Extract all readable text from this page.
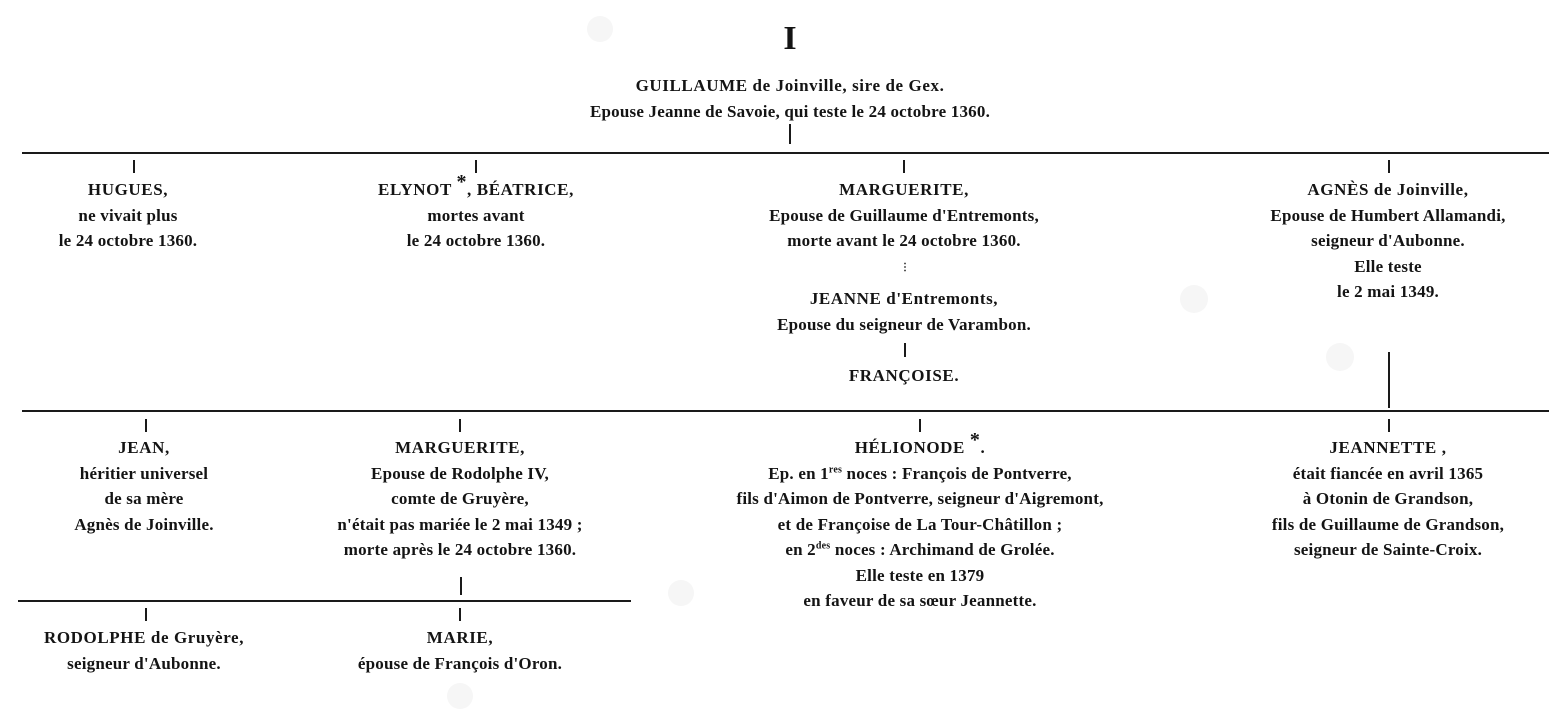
I
GUILLAUME de Joinville, sire de Gex.
Epouse Jeanne de Savoie, qui teste le 24 octobre 1360.
HUGUES,
ne vivait plus
le 24 octobre 1360.
ELYNOT *, BÉATRICE,
mortes avant
le 24 octobre 1360.
MARGUERITE,
Epouse de Guillaume d'Entremonts,
morte avant le 24 octobre 1360.
⋮
JEANNE d'Entremonts,
Epouse du seigneur de Varambon.
FRANÇOISE.
AGNÈS de Joinville,
Epouse de Humbert Allamandi,
seigneur d'Aubonne.
Elle teste
le 2 mai 1349.
JEAN,
héritier universel
de sa mère
Agnès de Joinville.
MARGUERITE,
Epouse de Rodolphe IV,
comte de Gruyère,
n'était pas mariée le 2 mai 1349 ;
morte après le 24 octobre 1360.
HÉLIONODE *.
Ep. en 1res noces : François de Pontverre,
fils d'Aimon de Pontverre, seigneur d'Aigremont,
et de Françoise de La Tour-Châtillon ;
en $2^{des}$ noces : Archimand de Grolée.
Elle teste en 1379
en faveur de sa sœur Jeannette.
JEANNETTE ,
était fiancée en avril 1365
à Otonin de Grandson,
fils de Guillaume de Grandson,
seigneur de Sainte-Croix.
RODOLPHE de Gruyère,
seigneur d'Aubonne.
MARIE,
épouse de François d'Oron.
